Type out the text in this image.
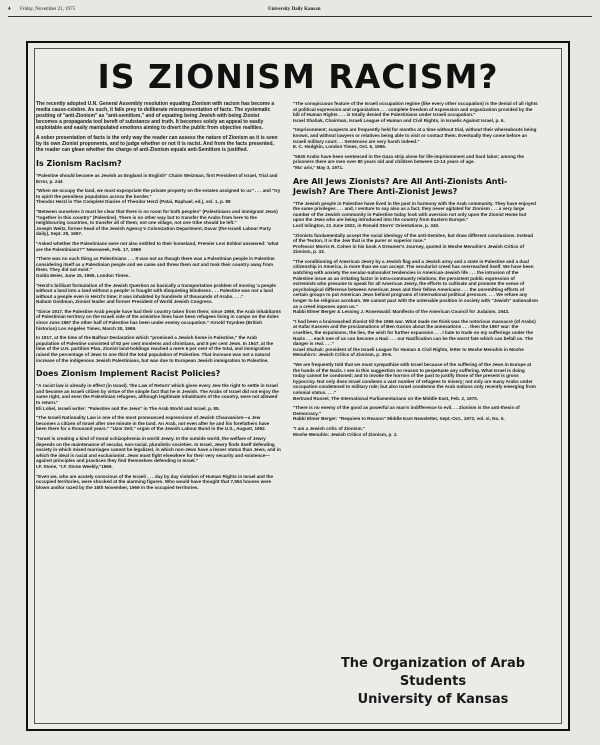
4 Friday, November 21, 1975	University Daily Kansan
IS ZIONISM RACISM?

The recently adopted U.N. General Assembly resolution equating Zionism with racism has become a media cause-celebre. As such, it falls prey to deliberate misrepresentation of facts. The systematic positing of "anti-Zionism" as "anti-semitism," and of equating being Jewish with being Zionist becomes a propaganda tool bereft of substance and truth. It becomes solely an appeal to easily exploitable and easily manipulated emotions aiming to divert the public from objective realities.

A sober presentation of facts is the only way the reader can assess the nature of Zionism as it is seen by its own Zionist proponents, and to judge whether or not it is racist. And from the facts presented, the reader can glean whether the charge of anti-Zionism equals anti-Semitism is justified.

Is Zionism Racism?

"Palestine should become as Jewish as England is English" Chaim Weizman, first President of Israel, Trial and Error, p. 244

"When we occupy the land, we must expropriate the private property on the estates assigned to us" . . . and "try to spirit the penniless population across the border."
Theodor Herzl in The Complete Diaries of Theodor Herzl (Patai, Raphael, ed.), vol. 1, p. 88

"Between ourselves it must be clear that there is no room for both peoples" (Palestinians and immigrant Jews) "together in this country" (Palestine). There is no other way but to transfer the Arabs from here to the neighbouring countries, to transfer all of them; not one village, not one tribe should be left."
Joseph Weitz, former head of the Jewish Agency's Colonization Department, Davar (the Israeli Labour Party daily), Sept. 29, 1967.

"Asked whether the Palestinians were not also entitled to their homeland, Premier Levi Eshkol answered: 'what are the Palestinians?'" Newsweek, Feb. 17, 1969

"There was no such thing as Palestinians . . . It was not as though there was a Palestinian people in Palestine considering itself as a Palestinian people and we came and threw them out and took their country away from them. They did not exist."
Golda Meier, June 15, 1969, London Times.

"Herzl's brilliant formulation of the Jewish Question as basically a transportation problem of moving 'a people without a land into a land without a people' is fraught with disquieting blindness . . . Palestine was not a land without a people even in Herzl's time; it was inhabited by hundreds of thousands of Arabs. . . ."
Nahum Goldman, Zionist leader and former President of World Jewish Congress.

"Since 1917, the Palestine Arab people have had their country taken from them; since 1969, the Arab inhabitants of Palestinian territory on the Israeli side of the armistice lines have been refugees living in camps on the doles since June 1967 the other half of Palestine has been under enemy occupation." Arnold Toynbee (British historian) Los Angeles Times, March 30, 1969.

In 1917, at the time of the Balfour Declaration which "promised a Jewish home in Palestine," the Arab population of Palestine consisted of 92 per cent moslems and christians, and 8 per cent Jews. In 1947, at the time of the U.N. partition Plan, Zionist land-holdings reached a mere 6 per cent of the total, and immigration raised the percentage of Jews to one third the total population of Palestine. That increase was not a natural increase of the indigenous Jewish Palestinians, but was due to European Jewish immigration to Palestine.

Does Zionism Implement Racist Policies?

"A racist law is already in effect (in Israel). 'the Law of Return' which gives every Jew the right to settle in Israel and become an Israeli citizen by virtue of the simple fact that he is Jewish. The Arabs of Israel did not enjoy the same right, and even the Palestinian refugees, although legitimate inhabitants of the country, were not allowed to return."
Eli Lobel, Israeli writer: "Palestine and the Jews" in The Arab World and Israel, p. 85.

"The Israeli Nationality Law is one of the most pronounced expressions of Jewish Chauvanism—a Jew becomes a citizen of Israel after one minute in the land. An Arab, not even after he and his forefathers have been there for a thousand years." "Uzor Zeit," organ of the Jewish Labour Bund in the U.S., August, 1952.

"Israel is creating a kind of moral schizophrenia in world Jewry. In the outside world, the welfare of Jewry depends on the maintenance of secular, non-racial, pluralistic societies. In Israel, Jewry finds itself defending society in which mixed marriages cannot be legalized, in which non-Jews have a lesser status than Jews, and in which the ideal is racial and exclusionist. Jews must fight elsewhere for their very security and existence—against principles and practices they find themselves defending in Israel."
I.F. Stone, "I.F. Stone Weekly,"1969.

"Even we, who are acutely conscious of the Israeli . . . day by day violation of Human Rights in Israel and the occupied territories, were shocked at the alarming figures. Who would have thought that 7,554 houses were blown and/or razed by the 15th November, 1969 in the occupied territories.

"The conspicuous feature of the Israeli occupation regime (like every other occupation) is the denial of all rights at political expression and organization . . . complete freedom of expression and organization provided by the bill of Human Rights . . . is totally denied the Palestinians under Israeli occupation."
Israel Shahak, Chairman, Israeli League of Human and Civil Rights, in Israelis Against Israel, p. 6.

"Imprisonment; suspects are frequently held for months at a time without trial, without their whereabouts being known, and without lawyers or relatives being able to visit or contact them. Eventually they come before an Israeli military court. . . Sentences are very harsh indeed."
E. C. Hodgkin, London Times, Oct. 6, 1969.

"5630 Arabs have been sentenced in the Gaza strip alone for life-imprisonment and hard labor; among the prisoners there are men over 80 years old and children between 12-14 years of age.
"Ma' ariv," May 3, 1971.

Are All Jews Zionists? Are All Anti-Zionists Anti-Jewish? Are There Anti-Zionist Jews?

"The Jewish people in Palestine have lived in the past in harmony with the Arab community. They have enjoyed the same privileges . . . and, I venture to say also as a fact, they never agitated for Zionism . . . a very large number of the Jewish community in Palestine today look with aversion not only upon the Zionist Home but upon the Jews who are being introduced into the country from Eastern Europe."
Lord Islington, 21 June 1922, in Ronald Storrs' Orientations, p. 340.

"Zionists fundamentally accept the racial ideology of the anti-Semites, but draw different conclusions. Instead of the Teuton, it is the Jew that is the purer or superior race."
Professor Morris R. Cohen in his book A Dreamer's Journey, quoted in Moshe Menuhin's Jewish Critics of Zionism, p. 33.

"The conditioning of American Jewry by a Jewish flag and a Jewish army and a state in Palestine and a dual citizenship in America, is more than we can accept. The secularist creed has overreached itself. We have been watching with anxiety the secular-nationalist tendencies in American-Jewish life . . . the intrusion of the Palestine issue as an irritating factor in intra-community relations, the persistent public expression of extremists who presume to speak for all American Jewry, the efforts to cultivate and promote the sense of psychological difference between American Jews and their fellow Americans . . . the unremitting efforts of certain groups to put American Jews behind programs of international political pressure. . . . We refuse any longer to be religious acrobats. We cannot pact with the untenable position in society with "Jewish" nationalism as a creed imposes upon us."
Rabbi Elmer Berger & Lessing J. Rosenwald: Manifesto of the American Council for Judaism, 1943.

"I had been a brainwashed Zionist till the 1956 war. What made me think was the notorious massacre (of Arabs) at Kafar Kassem and the proclamations of Ben Gurion about the annexations . . . then the 1967 war: the cruelties, the expulsions, the lies, the wish for further expansion . . . I hate to trade on my sufferings under the Nazis . . . each one of us can become a Nazi . . . our Nazification can be the worst fate which can befall us. The danger is real. . . ."
Israel Shahak: president of the Israeli League for Human & Civil Rights, letter to Moshe Menuhin in Moshe Menuhin's: Jewish Critics of Zionism, p. 35-6.

"We are frequently told that we must sympathize with Israel because of the suffering of the Jews in Europe at the hands of the Nazis. I see in this suggestion no reason to perpetuate any suffering. What Israel is doing today cannot be condoned; and to invoke the horrors of the past to justify those of the present is gross hypocrisy. Not only does Israel condemn a vast number of refugees to misery; not only are many Arabs under occupation condemned to military rule; but also Israel condemns the Arab nations only recently emerging from colonial status. . . ."
Bertrand Russel, The International Parliamentarians on the Middle East, Feb. 2, 1970.

"There is no enemy of the good as powerful as man's indifference to evil. . . Zionism is the anti-thesis of Democracy."
Rabbi Elmer Berger: "Requiem to Reason" Middle East Newsletter, Sept.-Oct., 1972, vol. vi, No. 5.

"I am a Jewish critic of Zionism."
Moshe Menuhin: Jewish Critics of Zionism, p. 2.

The Organization of Arab Students
University of Kansas
